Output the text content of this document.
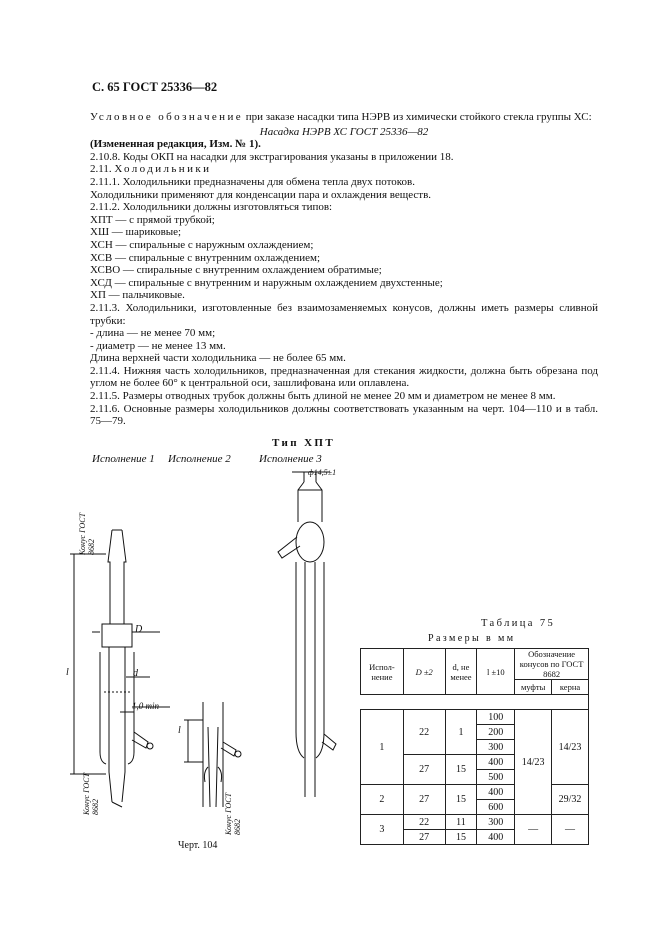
С. 65 ГОСТ 25336—82

Условное обозначение при заказе насадки типа НЭРВ из химически стойкого стекла группы ХС:

Насадка НЭРВ ХС ГОСТ 25336—82

(Измененная редакция, Изм. № 1).

2.10.8. Коды ОКП на насадки для экстрагирования указаны в приложении 18.

2.11. Холодильники

2.11.1. Холодильники предназначены для обмена тепла двух потоков.

Холодильники применяют для конденсации пара и охлаждения веществ.

2.11.2. Холодильники должны изготовляться типов:

ХПТ — с прямой трубкой;

ХШ — шариковые;

ХСН — спиральные с наружным охлаждением;

ХСВ — спиральные с внутренним охлаждением;

ХСВО — спиральные с внутренним охлаждением обратимые;

ХСД — спиральные с внутренним и наружным охлаждением двухстенные;

ХП — пальчиковые.

2.11.3. Холодильники, изготовленные без взаимозаменяемых конусов, должны иметь размеры сливной трубки:

- длина — не менее 70 мм;

- диаметр — не менее 13 мм.

Длина верхней части холодильника — не более 65 мм.

2.11.4. Нижняя часть холодильников, предназначенная для стекания жидкости, должна быть обрезана под углом не более 60° к центральной оси, зашлифована или оплавлена.

2.11.5. Размеры отводных трубок должны быть длиной не менее 20 мм и диаметром не менее 8 мм.

2.11.6. Основные размеры холодильников должны соответствовать указанным на черт. 104—110 и в табл. 75—79.

Тип ХПТ
Исполнение 1 Исполнение 2	Исполнение 3
Конус ГОСТ 8682
Конус ГОСТ 8682	Конус ГОСТ 8682
ф14,5±1
D
d
l
l
1,0 min
Черт. 104
Таблица 75
Размеры в мм
Испол-нение	D ±2	d, не менее	l ±10	Обозначение конусов по ГОСТ 8682	
				муфты	керна

1	22	1	100	14/23	14/23
			200		
			300		
	27	15	400		
			500		
2	27	15	400		29/32
			600		
3	22	11	300	—	—
	27	15	400		
